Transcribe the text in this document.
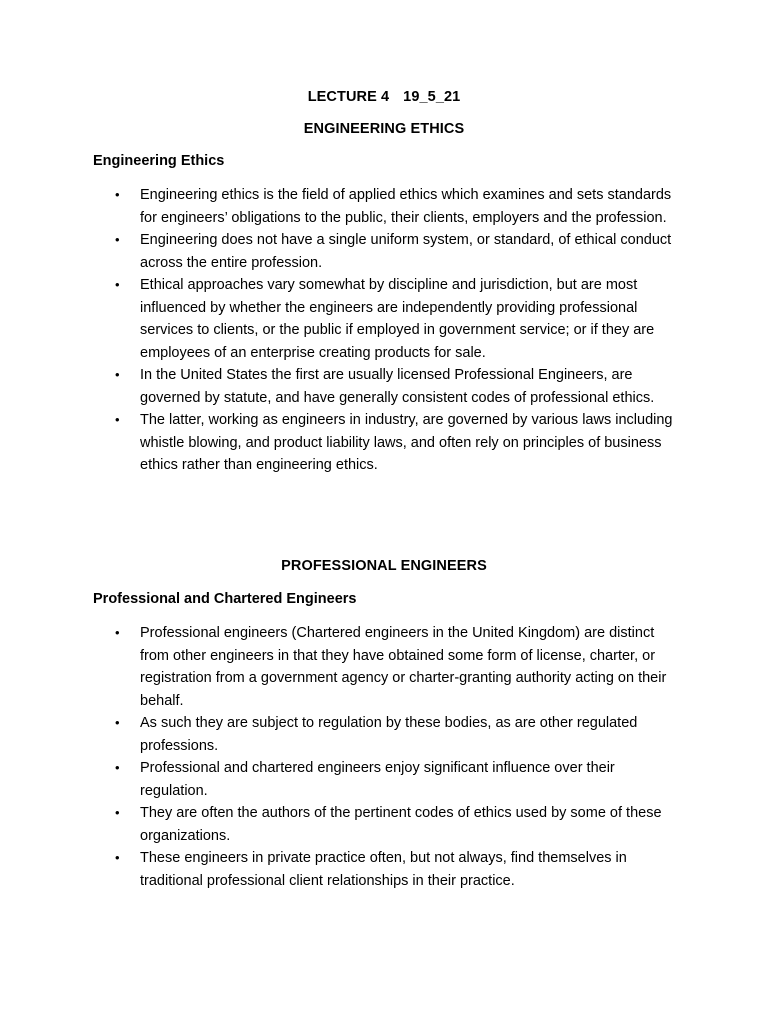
LECTURE 4 19_5_21
ENGINEERING ETHICS
Engineering Ethics
• Engineering ethics is the field of applied ethics which examines and sets standards for engineers’ obligations to the public, their clients, employers and the profession.
• Engineering does not have a single uniform system, or standard, of ethical conduct across the entire profession.
• Ethical approaches vary somewhat by discipline and jurisdiction, but are most influenced by whether the engineers are independently providing professional services to clients, or the public if employed in government service; or if they are employees of an enterprise creating products for sale.
• In the United States the first are usually licensed Professional Engineers, are governed by statute, and have generally consistent codes of professional ethics.
• The latter, working as engineers in industry, are governed by various laws including whistle blowing, and product liability laws, and often rely on principles of business ethics rather than engineering ethics.
PROFESSIONAL ENGINEERS
Professional and Chartered Engineers
• Professional engineers (Chartered engineers in the United Kingdom) are distinct from other engineers in that they have obtained some form of license, charter, or registration from a government agency or charter-granting authority acting on their behalf.
• As such they are subject to regulation by these bodies, as are other regulated professions.
• Professional and chartered engineers enjoy significant influence over their regulation.
• They are often the authors of the pertinent codes of ethics used by some of these organizations.
• These engineers in private practice often, but not always, find themselves in traditional professional client relationships in their practice.
